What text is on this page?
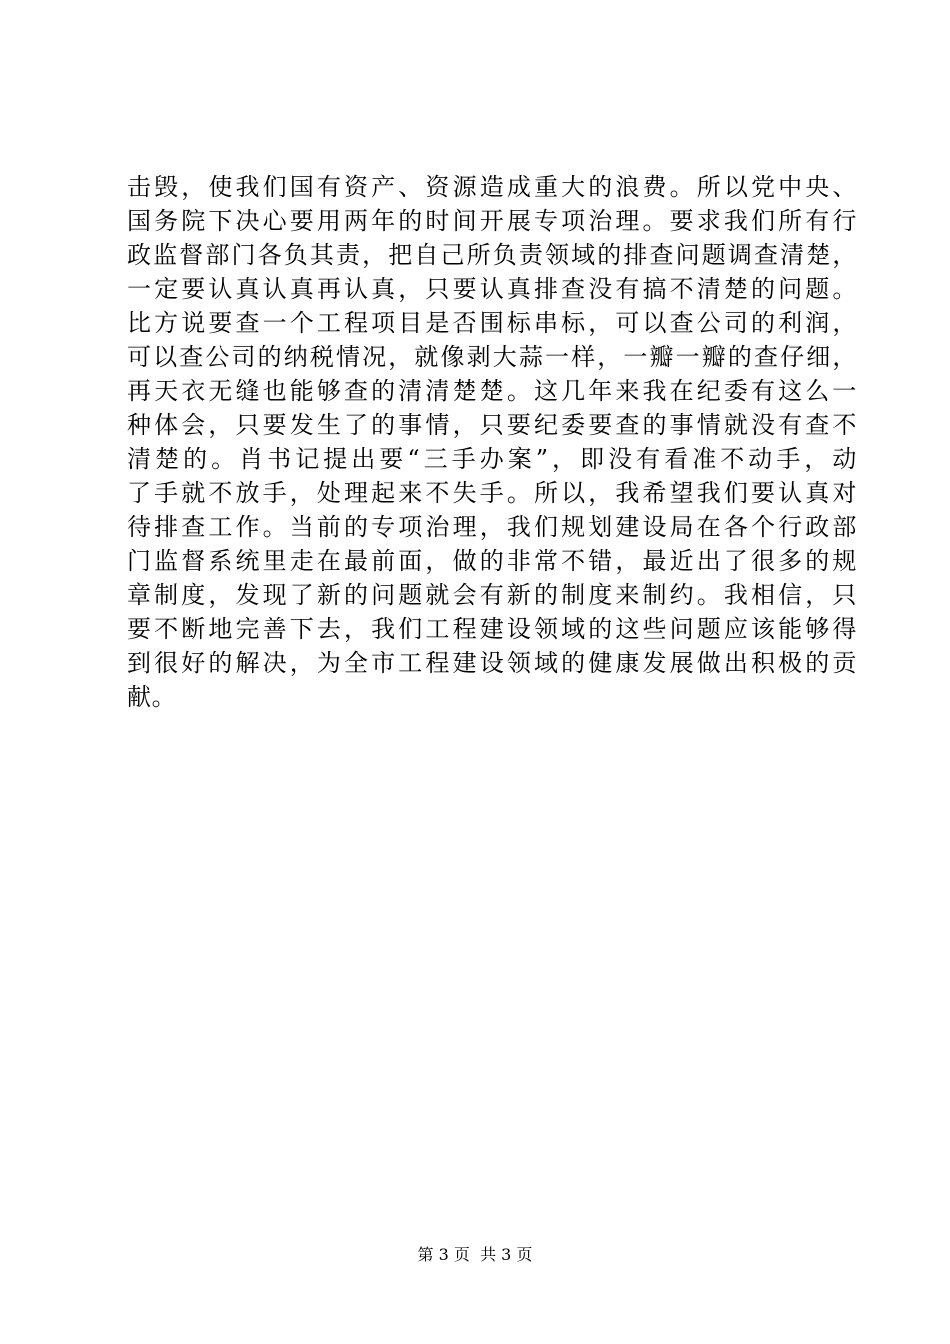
击毁，使我们国有资产、资源造成重大的浪费。所以党中央、
国务院下决心要用两年的时间开展专项治理。要求我们所有行
政监督部门各负其责，把自己所负责领域的排查问题调查清楚，
一定要认真认真再认真，只要认真排查没有搞不清楚的问题。
比方说要查一个工程项目是否围标串标，可以查公司的利润，
可以查公司的纳税情况，就像剥大蒜一样，一瓣一瓣的查仔细，
再天衣无缝也能够查的清清楚楚。这几年来我在纪委有这么一
种体会，只要发生了的事情，只要纪委要查的事情就没有查不
清楚的。肖书记提出要“三手办案”，即没有看准不动手，动
了手就不放手，处理起来不失手。所以，我希望我们要认真对
待排查工作。当前的专项治理，我们规划建设局在各个行政部
门监督系统里走在最前面，做的非常不错，最近出了很多的规
章制度，发现了新的问题就会有新的制度来制约。我相信，只
要不断地完善下去，我们工程建设领域的这些问题应该能够得
到很好的解决，为全市工程建设领域的健康发展做出积极的贡
献。
第 3 页  共 3 页
